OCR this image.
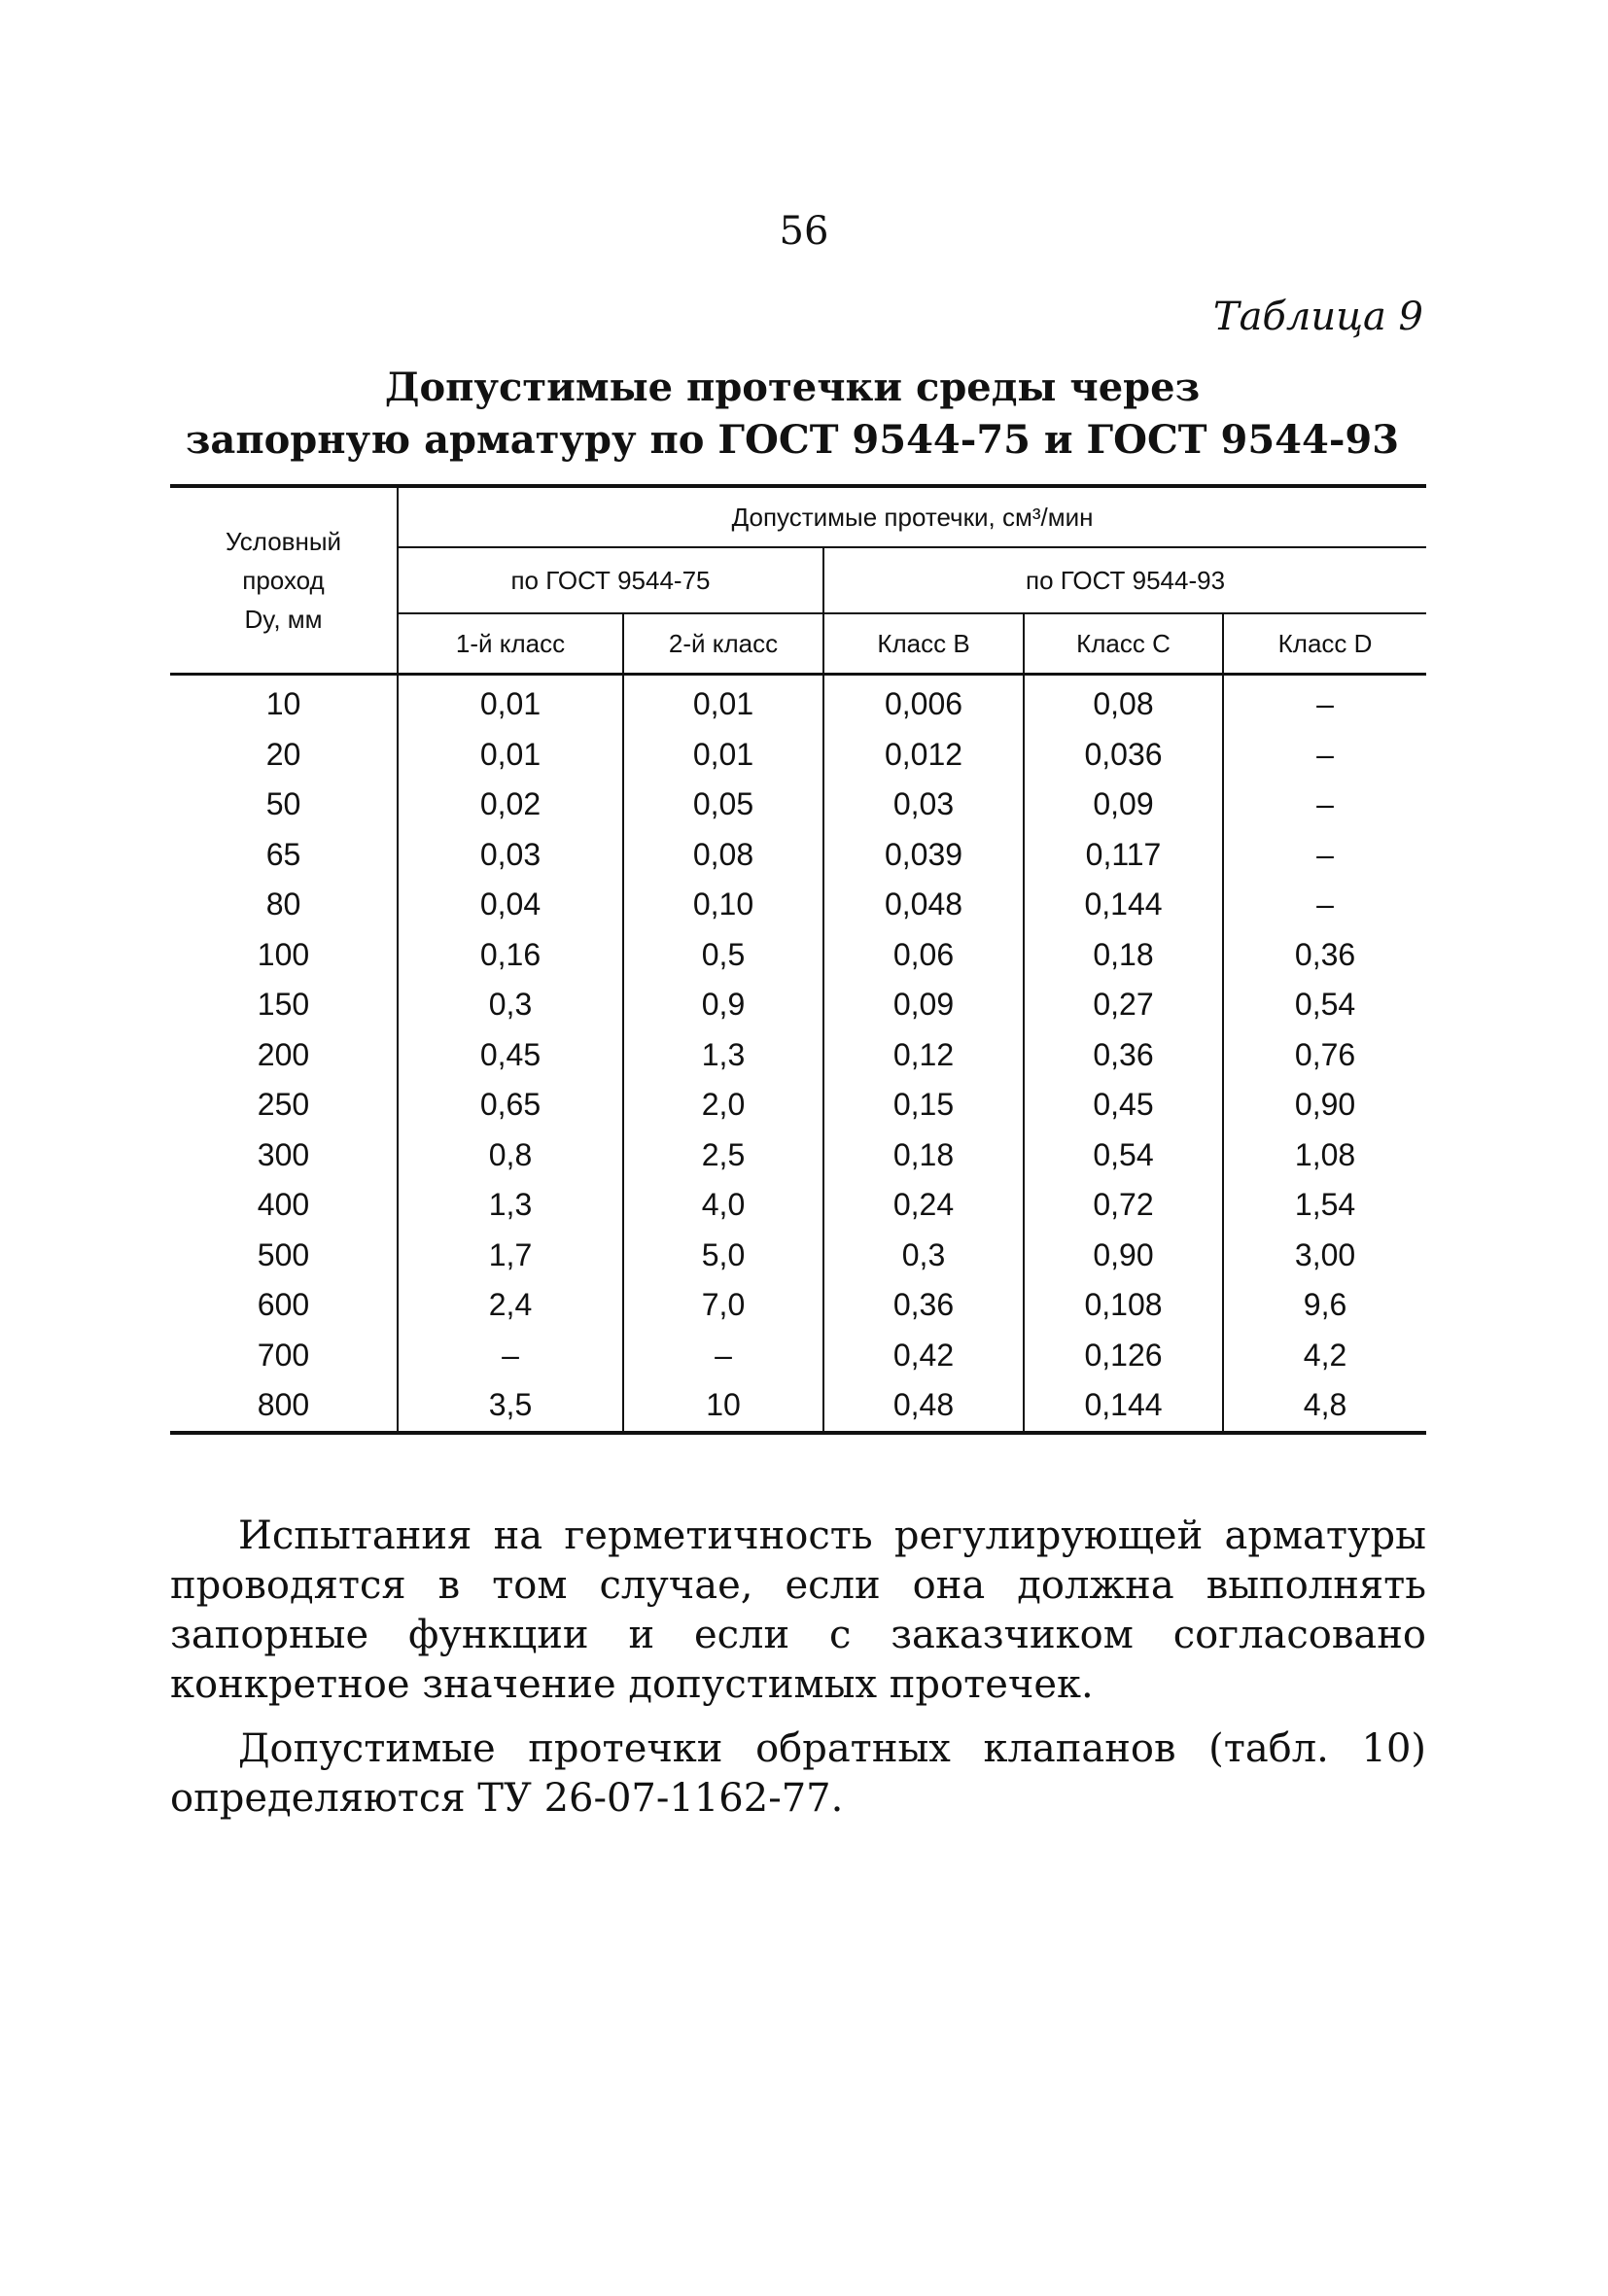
56
Таблица 9
Допустимые протечки среды через
запорную арматуру по ГОСТ 9544-75 и ГОСТ 9544-93
Условный
проход
Dy, мм	Допустимые протечки, см³/мин				
	по ГОСТ 9544-75		по ГОСТ 9544-93		
	1-й класс	2-й класс	Класс В	Класс С	Класс D
10	0,01	0,01	0,006	0,08	–
20	0,01	0,01	0,012	0,036	–
50	0,02	0,05	0,03	0,09	–
65	0,03	0,08	0,039	0,117	–
80	0,04	0,10	0,048	0,144	–
100	0,16	0,5	0,06	0,18	0,36
150	0,3	0,9	0,09	0,27	0,54
200	0,45	1,3	0,12	0,36	0,76
250	0,65	2,0	0,15	0,45	0,90
300	0,8	2,5	0,18	0,54	1,08
400	1,3	4,0	0,24	0,72	1,54
500	1,7	5,0	0,3	0,90	3,00
600	2,4	7,0	0,36	0,108	9,6
700	–	–	0,42	0,126	4,2
800	3,5	10	0,48	0,144	4,8

Испытания на герметичность регулирующей арматуры проводятся в том случае, если она должна выполнять запорные функции и если с заказчиком согласовано конкретное значение допустимых протечек.

Допустимые протечки обратных клапанов (табл. 10) определяются ТУ 26-07-1162-77.
